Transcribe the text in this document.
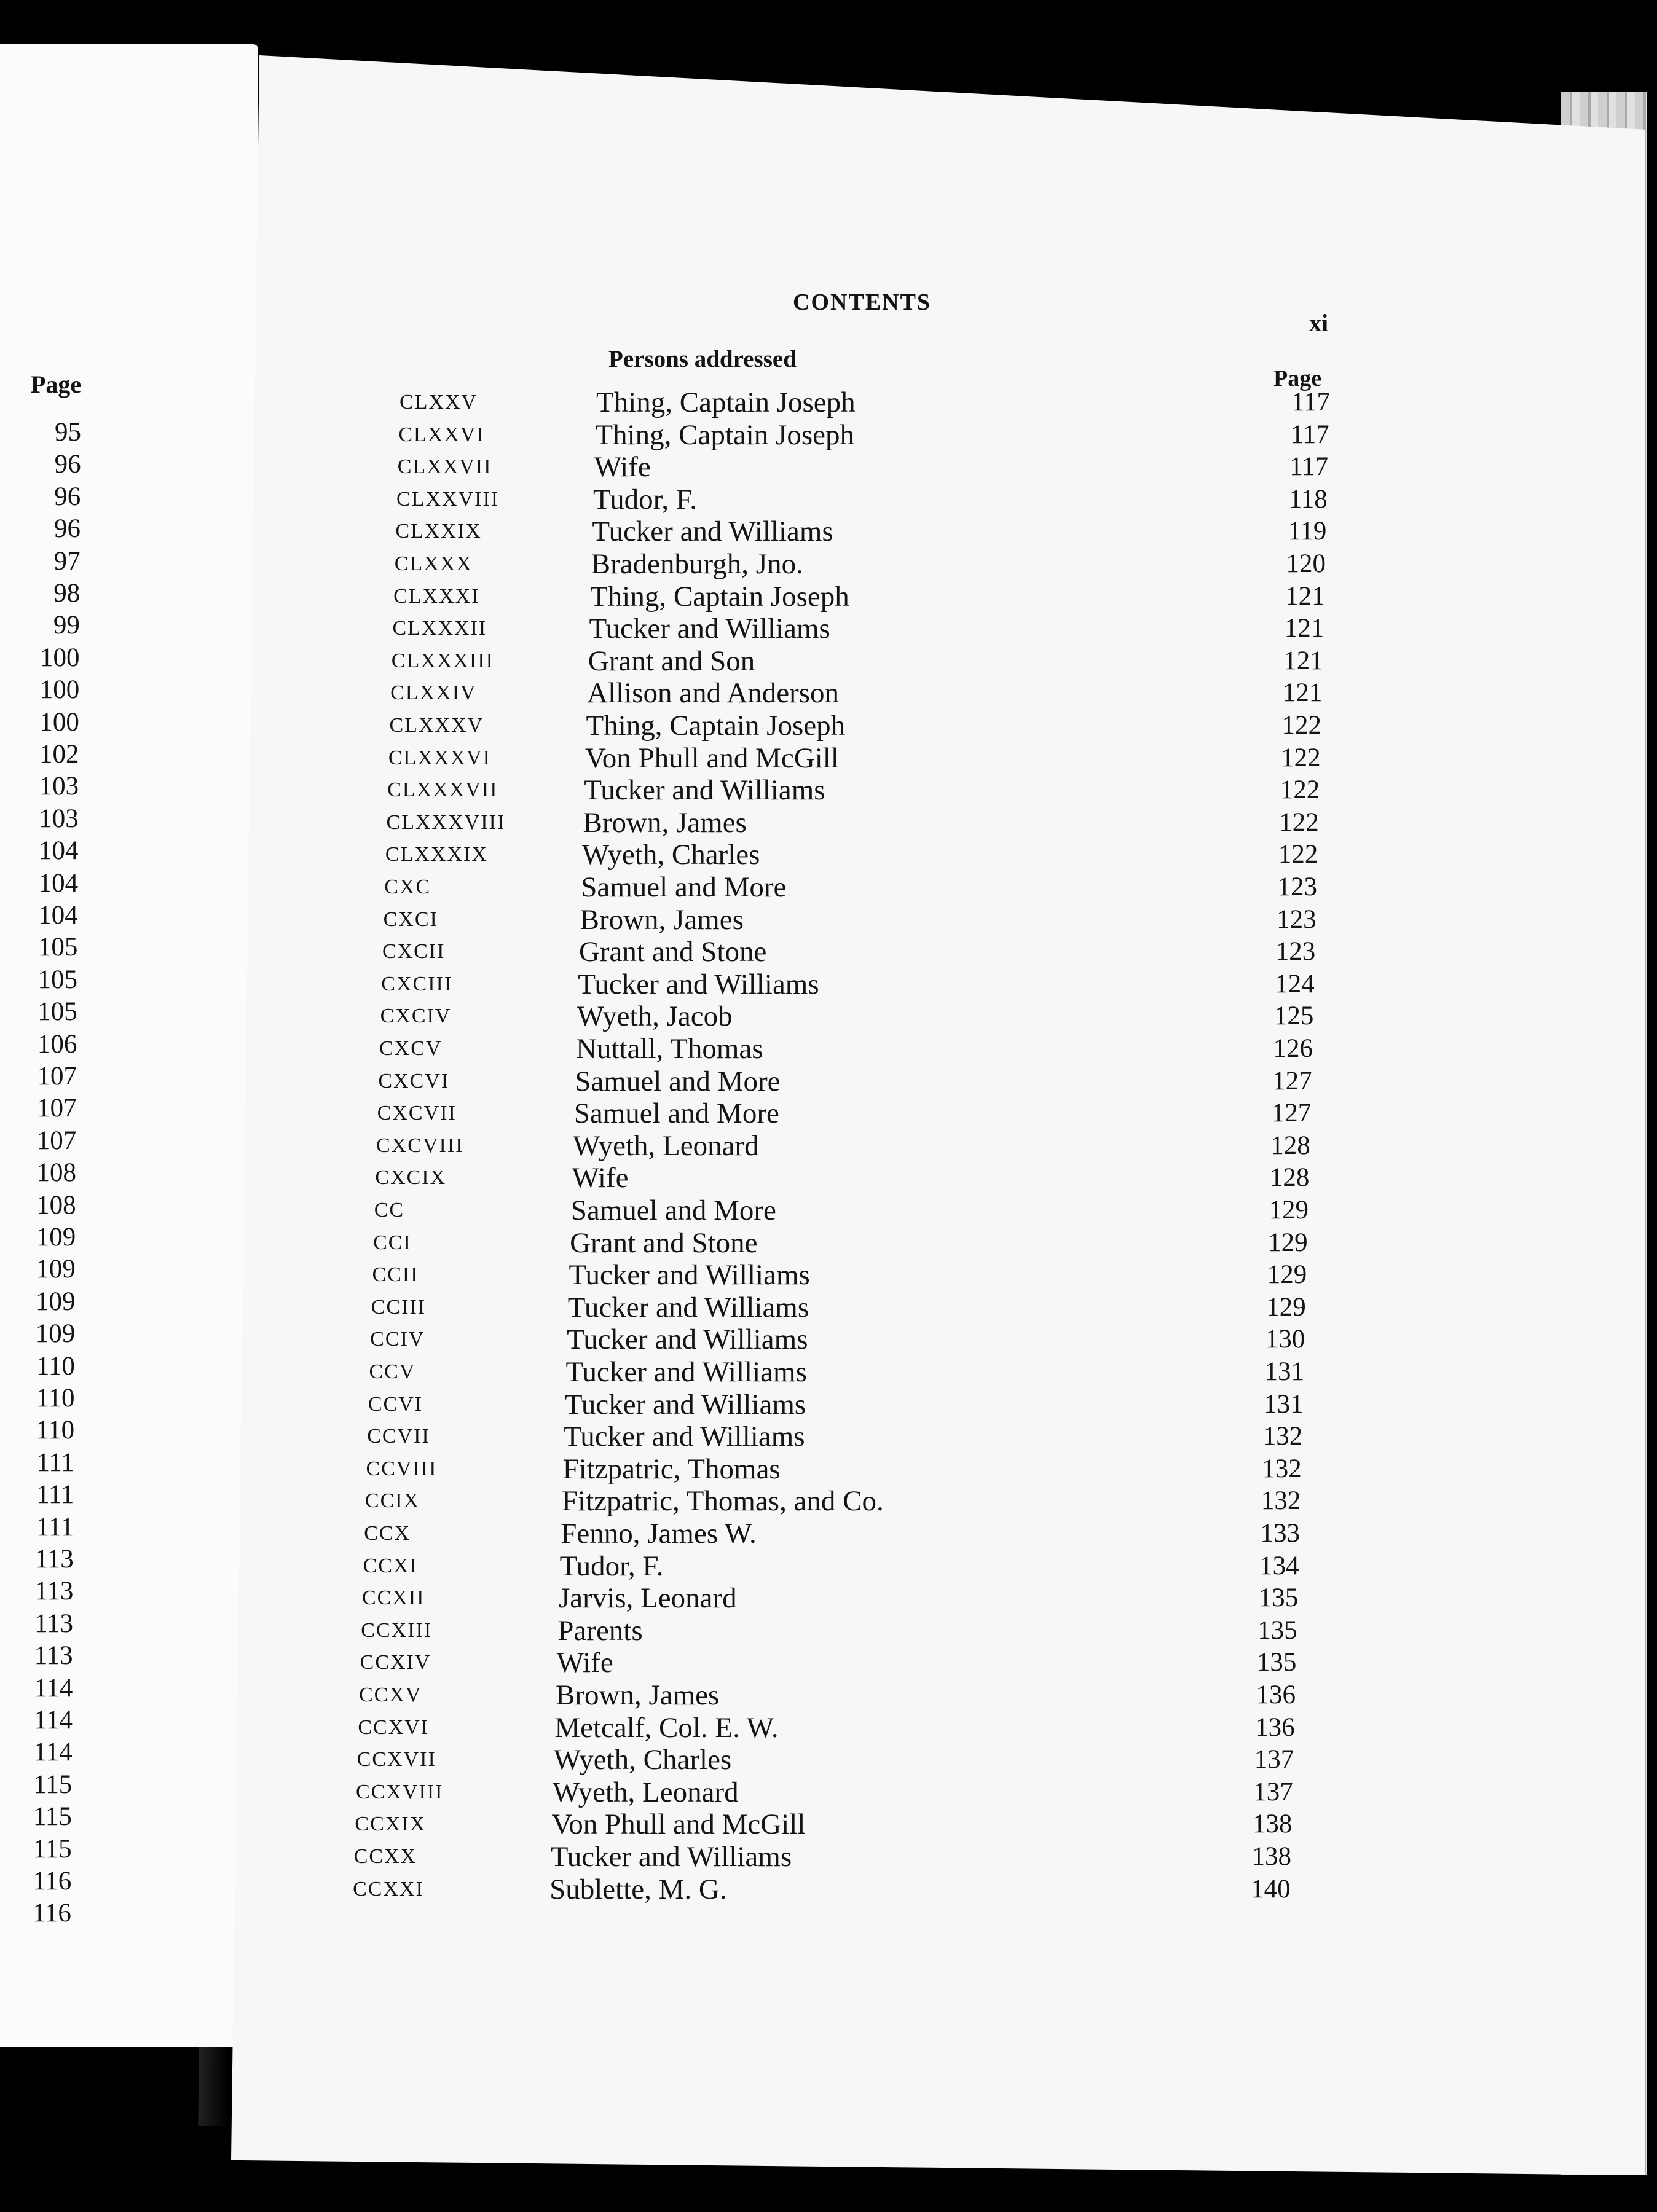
Page
95
96
96
96
97
98
99
100
100
100
102
103
103
104
104
104
105
105
105
106
107
107
107
108
108
109
109
109
109
110
110
110
111
111
111
113
113
113
113
114
114
114
115
115
115
116
116
CONTENTS
xi
Persons addressed
Page
CLXXV	Thing, Captain Joseph	117
CLXXVI	Thing, Captain Joseph	117
CLXXVII	Wife	117
CLXXVIII	Tudor, F.	118
CLXXIX	Tucker and Williams	119
CLXXX	Bradenburgh, Jno.	120
CLXXXI	Thing, Captain Joseph	121
CLXXXII	Tucker and Williams	121
CLXXXIII	Grant and Son	121
CLXXIV	Allison and Anderson	121
CLXXXV	Thing, Captain Joseph	122
CLXXXVI	Von Phull and McGill	122
CLXXXVII	Tucker and Williams	122
CLXXXVIII	Brown, James	122
CLXXXIX	Wyeth, Charles	122
CXC	Samuel and More	123
CXCI	Brown, James	123
CXCII	Grant and Stone	123
CXCIII	Tucker and Williams	124
CXCIV	Wyeth, Jacob	125
CXCV	Nuttall, Thomas	126
CXCVI	Samuel and More	127
CXCVII	Samuel and More	127
CXCVIII	Wyeth, Leonard	128
CXCIX	Wife	128
CC	Samuel and More	129
CCI	Grant and Stone	129
CCII	Tucker and Williams	129
CCIII	Tucker and Williams	129
CCIV	Tucker and Williams	130
CCV	Tucker and Williams	131
CCVI	Tucker and Williams	131
CCVII	Tucker and Williams	132
CCVIII	Fitzpatric, Thomas	132
CCIX	Fitzpatric, Thomas, and Co.	132
CCX	Fenno, James W.	133
CCXI	Tudor, F.	134
CCXII	Jarvis, Leonard	135
CCXIII	Parents	135
CCXIV	Wife	135
CCXV	Brown, James	136
CCXVI	Metcalf, Col. E. W.	136
CCXVII	Wyeth, Charles	137
CCXVIII	Wyeth, Leonard	137
CCXIX	Von Phull and McGill	138
CCXX	Tucker and Williams	138
CCXXI	Sublette, M. G.	140
